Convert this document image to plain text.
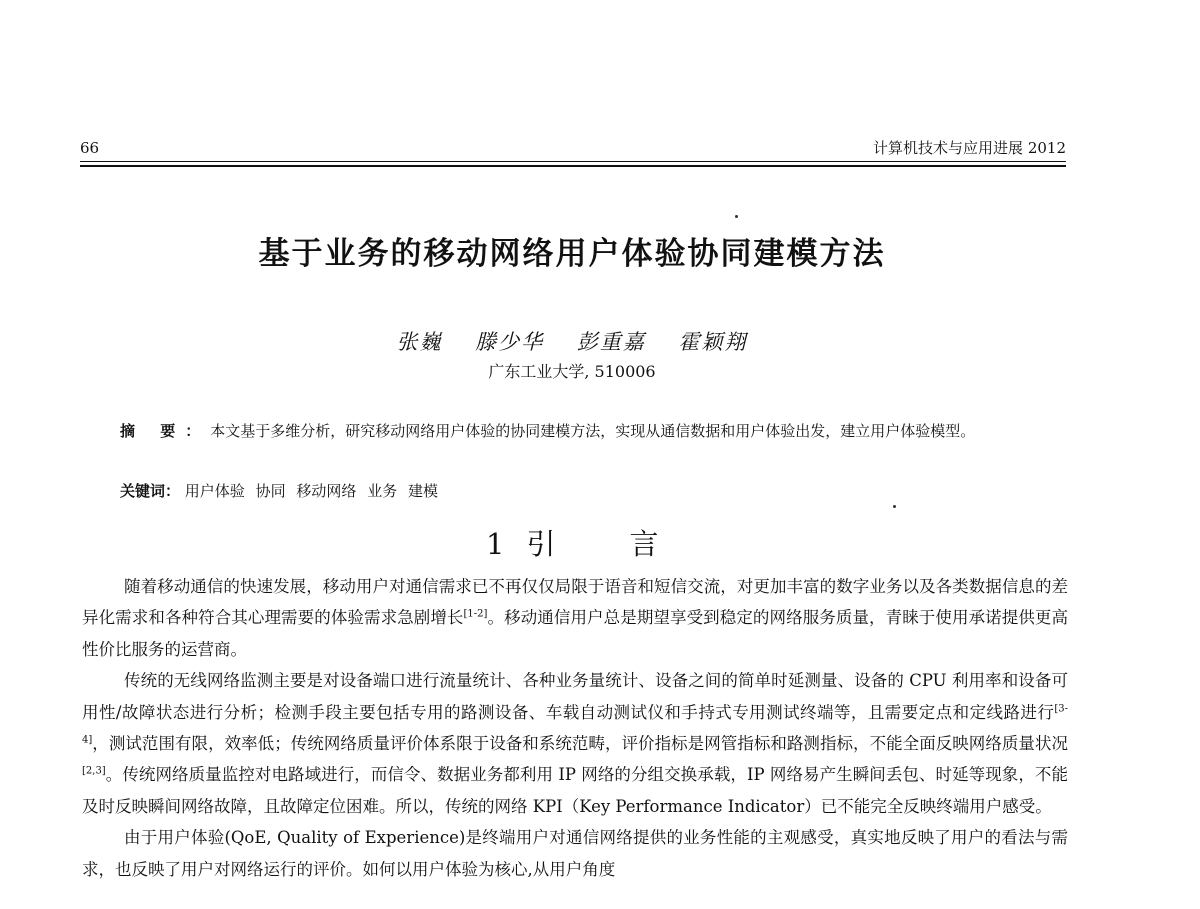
66	计算机技术与应用进展 2012
基于业务的移动网络用户体验协同建模方法
张巍 滕少华 彭重嘉 霍颖翔
广东工业大学, 510006

摘 要：本文基于多维分析，研究移动网络用户体验的协同建模方法，实现从通信数据和用户体验出发，建立用户体验模型。

关键词： 用户体验 协同 移动网络 业务 建模
1 引	言

随着移动通信的快速发展，移动用户对通信需求已不再仅仅局限于语音和短信交流，对更加丰富的数字业务以及各类数据信息的差异化需求和各种符合其心理需要的体验需求急剧增长[1-2]。移动通信用户总是期望享受到稳定的网络服务质量，青睐于使用承诺提供更高性价比服务的运营商。

传统的无线网络监测主要是对设备端口进行流量统计、各种业务量统计、设备之间的简单时延测量、设备的 CPU 利用率和设备可用性/故障状态进行分析；检测手段主要包括专用的路测设备、车载自动测试仪和手持式专用测试终端等，且需要定点和定线路进行[3-4]，测试范围有限，效率低；传统网络质量评价体系限于设备和系统范畴，评价指标是网管指标和路测指标，不能全面反映网络质量状况[2,3]。传统网络质量监控对电路域进行，而信令、数据业务都利用 IP 网络的分组交换承载，IP 网络易产生瞬间丢包、时延等现象，不能及时反映瞬间网络故障，且故障定位困难。所以，传统的网络 KPI（Key Performance Indicator）已不能完全反映终端用户感受。

由于用户体验(QoE, Quality of Experience)是终端用户对通信网络提供的业务性能的主观感受，真实地反映了用户的看法与需求，也反映了用户对网络运行的评价。如何以用户体验为核心,从用户角度
